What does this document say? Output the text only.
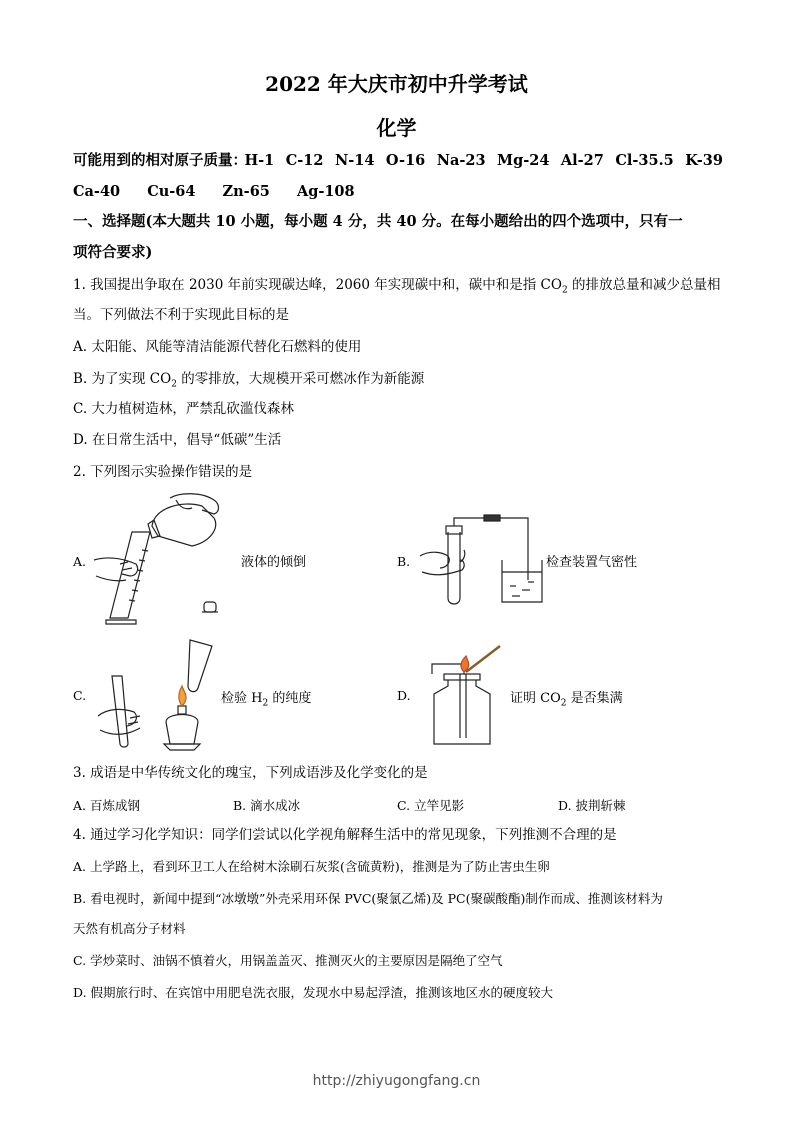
2022 年大庆市初中升学考试
化学
可能用到的相对原子质量：
H-1 C-12 N-14 O-16 Na-23 Mg-24 Al-27 Cl-35.5 K-39
Ca-40 Cu-64 Zn-65 Ag-108
一、选择题(本大题共 10 小题，每小题 4 分，共 40 分。在每小题给出的四个选项中，只有一
项符合要求)
1. 我国提出争取在 2030 年前实现碳达峰，2060 年实现碳中和，碳中和是指 $CO_2$ 的排放总量和减少总量相
当。下列做法不利于实现此目标的是
A. 太阳能、风能等清洁能源代替化石燃料的使用
B. 为了实现 $CO_2$ 的零排放，大规模开采可燃冰作为新能源
C. 大力植树造林，严禁乱砍滥伐森林
D. 在日常生活中，倡导“低碳”生活
2. 下列图示实验操作错误的是
A.	液体的倾倒	B.	检查装置气密性
C.	检验 $H_2$ 的纯度	D.	证明 $CO_2$ 是否集满
3. 成语是中华传统文化的瑰宝，下列成语涉及化学变化的是
A. 百炼成钢	B. 滴水成冰	C. 立竿见影	D. 披荆斩棘
4. 通过学习化学知识：同学们尝试以化学视角解释生活中的常见现象，下列推测不合理的是
A. 上学路上，看到环卫工人在给树木涂刷石灰浆(含硫黄粉)，推测是为了防止害虫生卵
B. 看电视时，新闻中提到“冰墩墩”外壳采用环保 PVC(聚氯乙烯)及 PC(聚碳酸酯)制作而成、推测该材料为
天然有机高分子材料
C. 学炒菜时、油锅不慎着火，用锅盖盖灭、推测灭火的主要原因是隔绝了空气
D. 假期旅行时、在宾馆中用肥皂洗衣服，发现水中易起浮渣，推测该地区水的硬度较大
http://zhiyugongfang.cn
